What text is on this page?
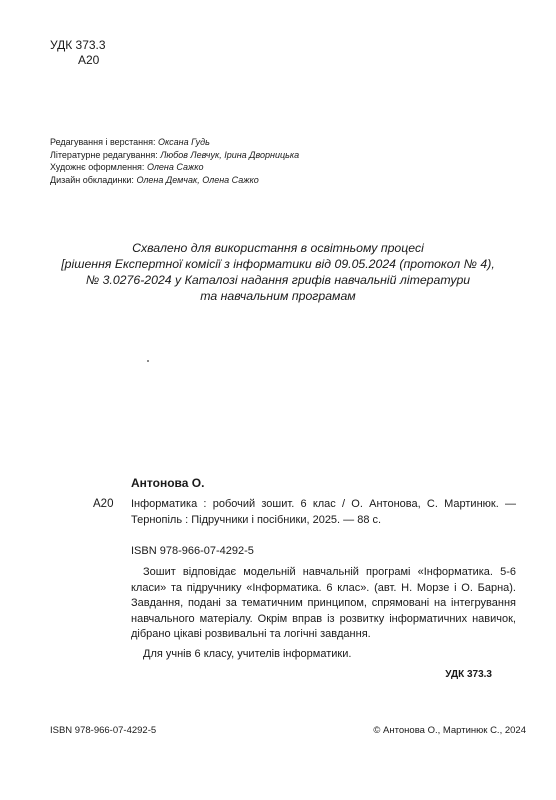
УДК 373.3
А20
Редагування і верстання: Оксана Гудь
Літературне редагування: Любов Левчук, Ірина Дворницька
Художнє оформлення: Олена Сажко
Дизайн обкладинки: Олена Демчак, Олена Сажко
Схвалено для використання в освітньому процесі
[рішення Експертної комісії з інформатики від 09.05.2024 (протокол № 4),
№ 3.0276-2024 у Каталозі надання грифів навчальній літератури
та навчальним програмам
Антонова О.
А20 Інформатика : робочий зошит. 6 клас / О. Антонова, С. Мартинюк. — Тернопіль : Підручники і посібники, 2025. — 88 с.
ISBN 978-966-07-4292-5
Зошит відповідає модельній навчальній програмі «Інформатика. 5-6 класи» та підручнику «Інформатика. 6 клас». (авт. Н. Морзе і О. Барна). Завдання, подані за тематичним принципом, спрямовані на інтегрування навчального матеріалу. Окрім вправ із розвитку інформатичних навичок, дібрано цікаві розвивальні та логічні завдання.
Для учнів 6 класу, учителів інформатики.
УДК 373.3
ISBN 978-966-07-4292-5	© Антонова О., Мартинюк С., 2024
